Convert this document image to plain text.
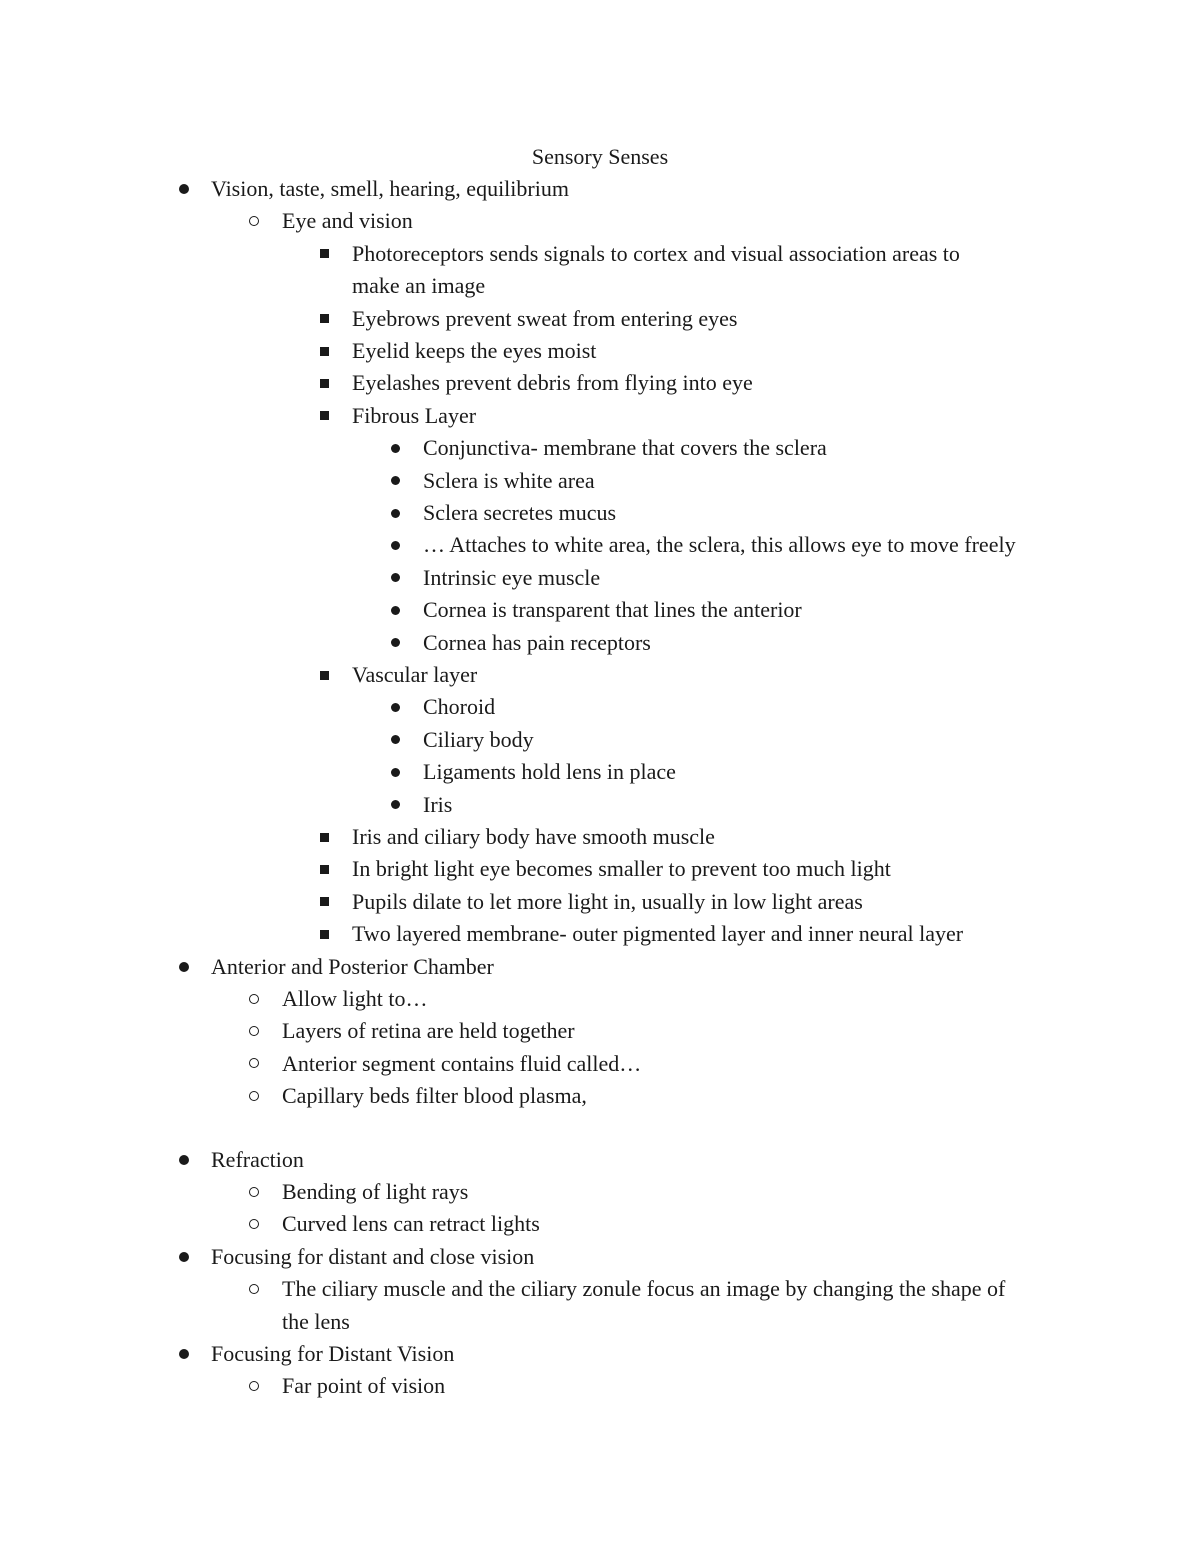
Sensory Senses
Vision, taste, smell, hearing, equilibrium
Eye and vision
Photoreceptors sends signals to cortex and visual association areas to
make an image
Eyebrows prevent sweat from entering eyes
Eyelid keeps the eyes moist
Eyelashes prevent debris from flying into eye
Fibrous Layer
Conjunctiva- membrane that covers the sclera
Sclera is white area
Sclera secretes mucus
… Attaches to white area, the sclera, this allows eye to move freely
Intrinsic eye muscle
Cornea is transparent that lines the anterior
Cornea has pain receptors
Vascular layer
Choroid
Ciliary body
Ligaments hold lens in place
Iris
Iris and ciliary body have smooth muscle
In bright light eye becomes smaller to prevent too much light
Pupils dilate to let more light in, usually in low light areas
Two layered membrane- outer pigmented layer and inner neural layer
Anterior and Posterior Chamber
Allow light to…
Layers of retina are held together
Anterior segment contains fluid called…
Capillary beds filter blood plasma,
Refraction
Bending of light rays
Curved lens can retract lights
Focusing for distant and close vision
The ciliary muscle and the ciliary zonule focus an image by changing the shape of
the lens
Focusing for Distant Vision
Far point of vision
